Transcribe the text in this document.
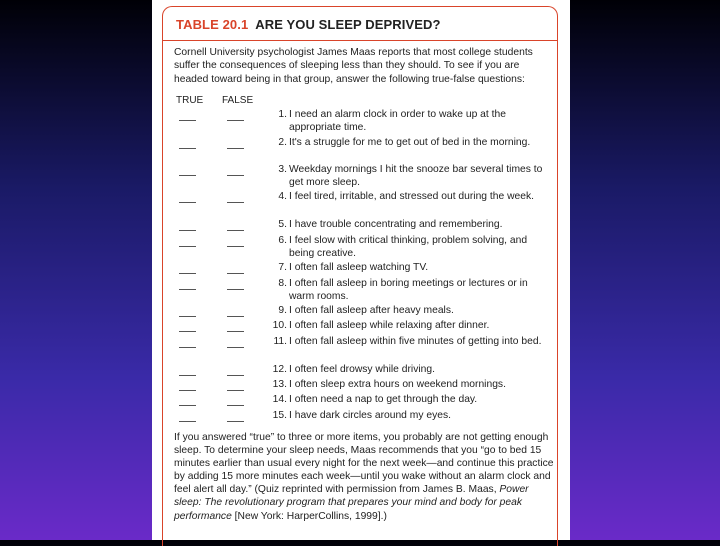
TABLE 20.1 ARE YOU SLEEP DEPRIVED?
Cornell University psychologist James Maas reports that most college students suffer the consequences of sleeping less than they should. To see if you are headed toward being in that group, answer the following true-false questions:
TRUE FALSE
1. I need an alarm clock in order to wake up at the appropriate time.
2. It's a struggle for me to get out of bed in the morning.
3. Weekday mornings I hit the snooze bar several times to get more sleep.
4. I feel tired, irritable, and stressed out during the week.
5. I have trouble concentrating and remembering.
6. I feel slow with critical thinking, problem solving, and being creative.
7. I often fall asleep watching TV.
8. I often fall asleep in boring meetings or lectures or in warm rooms.
9. I often fall asleep after heavy meals.
10. I often fall asleep while relaxing after dinner.
11. I often fall asleep within five minutes of getting into bed.
12. I often feel drowsy while driving.
13. I often sleep extra hours on weekend mornings.
14. I often need a nap to get through the day.
15. I have dark circles around my eyes.
If you answered “true” to three or more items, you probably are not getting enough sleep. To determine your sleep needs, Maas recommends that you “go to bed 15 minutes earlier than usual every night for the next week—and continue this practice by adding 15 more minutes each week—until you wake without an alarm clock and feel alert all day.” (Quiz reprinted with permission from James B. Maas, Power sleep: The revolutionary program that prepares your mind and body for peak performance [New York: HarperCollins, 1999].)
